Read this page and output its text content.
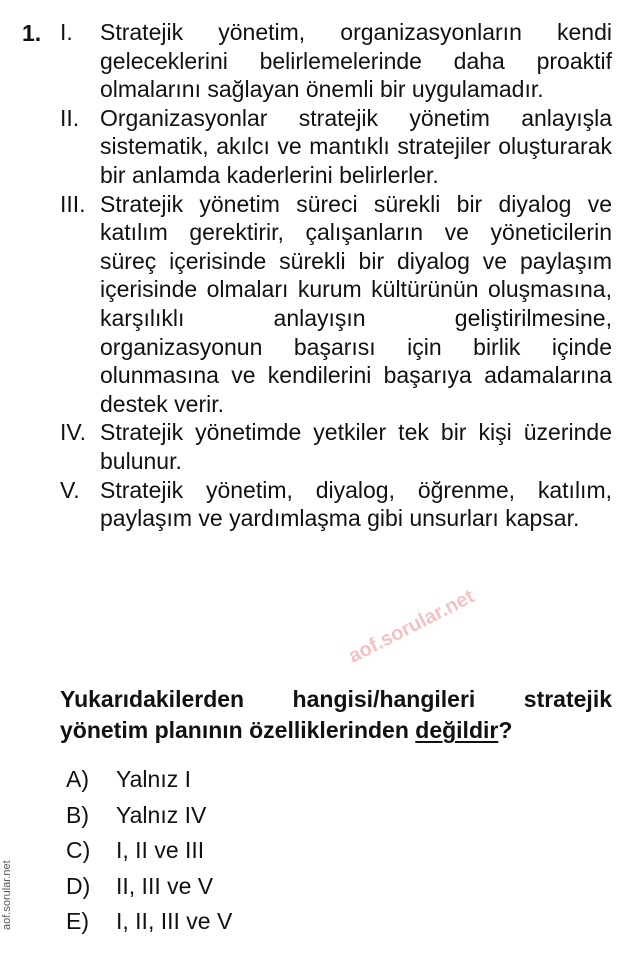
1. I.	Stratejik yönetim, organizasyonların kendi geleceklerini belirlemelerinde daha proaktif olmalarını sağlayan önemli bir uygulamadır.
II. Organizasyonlar stratejik yönetim anlayışla sistematik, akılcı ve mantıklı stratejiler oluşturarak bir anlamda kaderlerini belirlerler.
III. Stratejik yönetim süreci sürekli bir diyalog ve katılım gerektirir, çalışanların ve yöneticilerin süreç içerisinde sürekli bir diyalog ve paylaşım içerisinde olmaları kurum kültürünün oluşmasına, karşılıklı anlayışın geliştirilmesine, organizasyonun başarısı için birlik içinde olunmasına ve kendilerini başarıya adamalarına destek verir.
IV. Stratejik yönetimde yetkiler tek bir kişi üzerinde bulunur.
V. Stratejik yönetim, diyalog, öğrenme, katılım, paylaşım ve yardımlaşma gibi unsurları kapsar.
aof.sorular.net
Yukarıdakilerden hangisi/hangileri stratejik yönetim planının özelliklerinden değildir?
A)	Yalnız I
B)	Yalnız IV
C)	I, II ve III
D)	II, III ve V
E)	I, II, III ve V
aof.sorular.net
